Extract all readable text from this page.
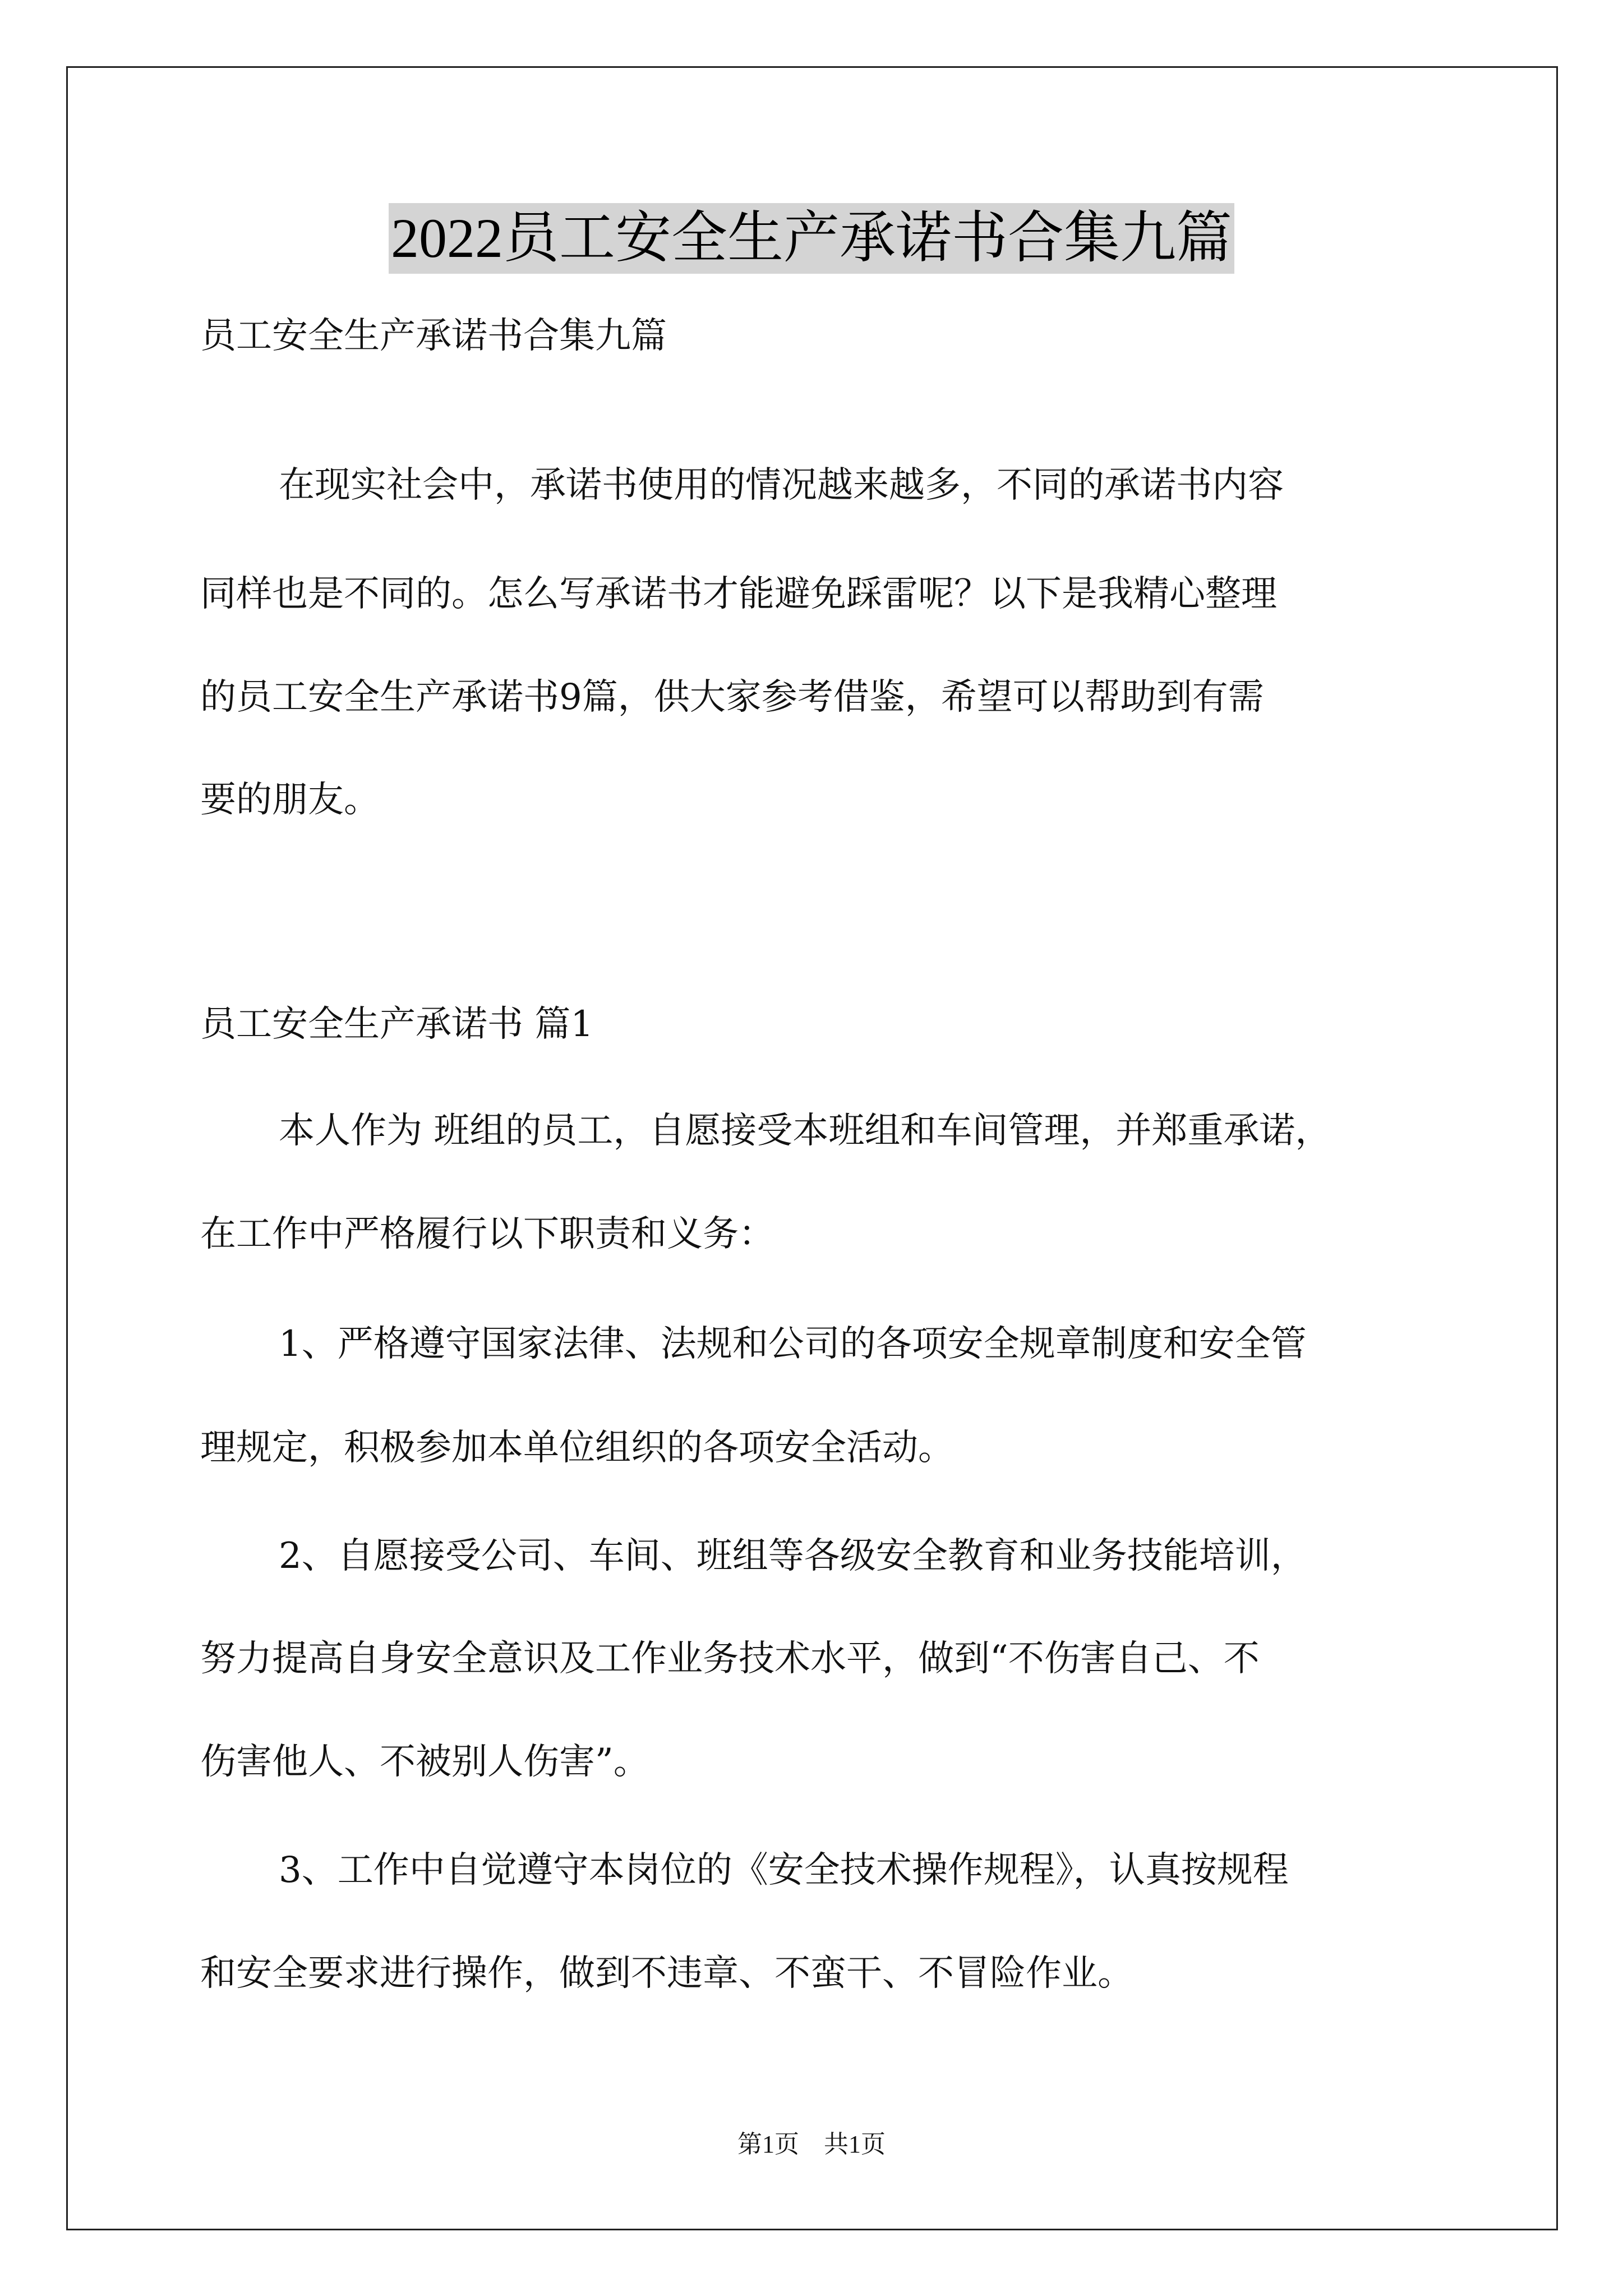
2022员工安全生产承诺书合集九篇
员工安全生产承诺书合集九篇
在现实社会中，承诺书使用的情况越来越多，不同的承诺书内容
同样也是不同的。怎么写承诺书才能避免踩雷呢？以下是我精心整理
的员工安全生产承诺书9篇，供大家参考借鉴，希望可以帮助到有需
要的朋友。
员工安全生产承诺书 篇1
本人作为 班组的员工，自愿接受本班组和车间管理，并郑重承诺，
在工作中严格履行以下职责和义务：
1、严格遵守国家法律、法规和公司的各项安全规章制度和安全管
理规定，积极参加本单位组织的各项安全活动。
2、自愿接受公司、车间、班组等各级安全教育和业务技能培训，
努力提高自身安全意识及工作业务技术水平，做到“不伤害自己、不
伤害他人、不被别人伤害”。
3、工作中自觉遵守本岗位的《安全技术操作规程》，认真按规程
和安全要求进行操作，做到不违章、不蛮干、不冒险作业。
第1页 共1页
